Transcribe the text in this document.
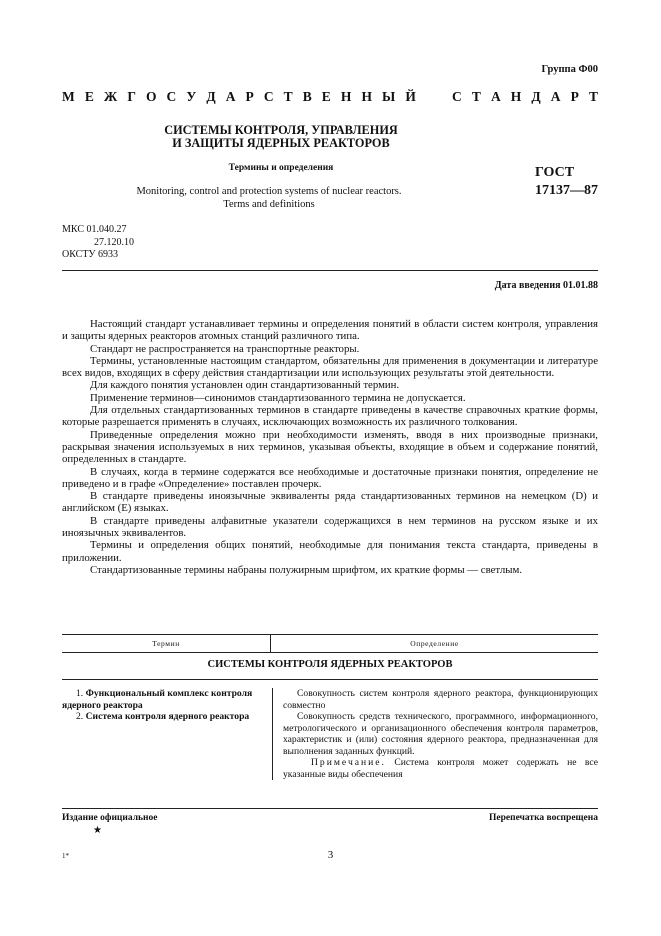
Группа Ф00
М Е Ж Г О С У Д А Р С Т В Е Н Н Ы Й	С Т А Н Д А Р Т
СИСТЕМЫ КОНТРОЛЯ, УПРАВЛЕНИЯ
И ЗАЩИТЫ ЯДЕРНЫХ РЕАКТОРОВ
Термины и определения
Monitoring, control and protection systems of nuclear reactors.
Terms and definitions
ГОСТ
17137—87
МКС 01.040.27
27.120.10
ОКСТУ 6933
Дата введения 01.01.88

Настоящий стандарт устанавливает термины и определения понятий в области систем контроля, управления и защиты ядерных реакторов атомных станций различного типа.

Стандарт не распространяется на транспортные реакторы.

Термины, установленные настоящим стандартом, обязательны для применения в документации и литературе всех видов, входящих в сферу действия стандартизации или использующих результаты этой деятельности.

Для каждого понятия установлен один стандартизованный термин.

Применение терминов—синонимов стандартизованного термина не допускается.

Для отдельных стандартизованных терминов в стандарте приведены в качестве справочных краткие формы, которые разрешается применять в случаях, исключающих возможность их различного толкования.

Приведенные определения можно при необходимости изменять, вводя в них производные признаки, раскрывая значения используемых в них терминов, указывая объекты, входящие в объем и содержание понятий, определенных в стандарте.

В случаях, когда в термине содержатся все необходимые и достаточные признаки понятия, определение не приведено и в графе «Определение» поставлен прочерк.

В стандарте приведены иноязычные эквиваленты ряда стандартизованных терминов на немецком (D) и английском (E) языках.

В стандарте приведены алфавитные указатели содержащихся в нем терминов на русском языке и их иноязычных эквивалентов.

Термины и определения общих понятий, необходимые для понимания текста стандарта, приведены в приложении.

Стандартизованные термины набраны полужирным шрифтом, их краткие формы — светлым.

Термин	Определение
СИСТЕМЫ КОНТРОЛЯ ЯДЕРНЫХ РЕАКТОРОВ

1. Функциональный комплекс контроля ядерного реактора

2. Система контроля ядерного реактора

Совокупность систем контроля ядерного реактора, функционирующих совместно

Совокупность средств технического, программного, информационного, метрологического и организационного обеспечения контроля параметров, характеристик и (или) состояния ядерного реактора, предназначенная для выполнения заданных функций.

Примечание. Система контроля может содержать не все указанные виды обеспечения

Издание официальное
★
Перепечатка воспрещена
3
1*
